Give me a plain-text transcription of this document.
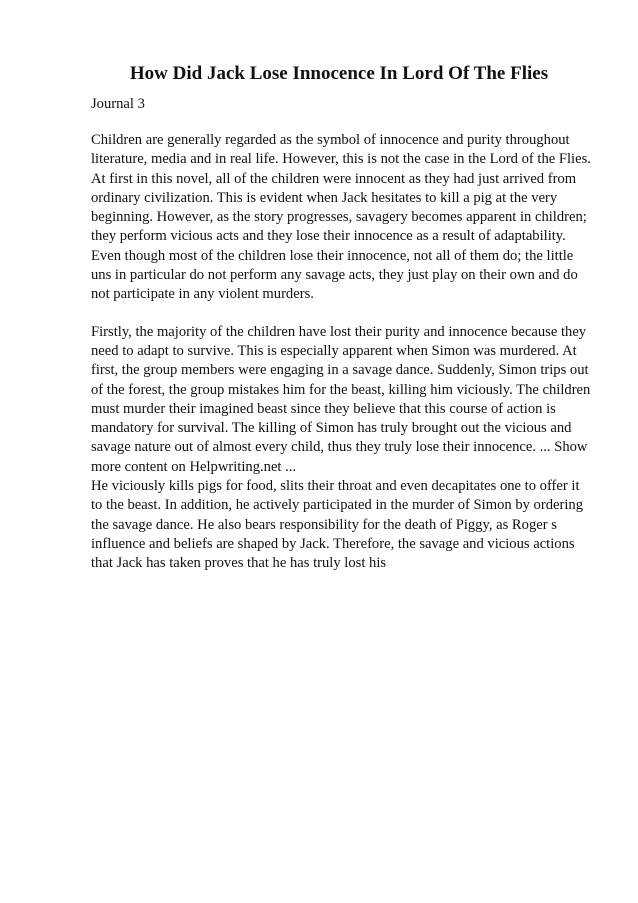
How Did Jack Lose Innocence In Lord Of The Flies

Journal 3

Children are generally regarded as the symbol of innocence and purity throughout literature, media and in real life. However, this is not the case in the Lord of the Flies. At first in this novel, all of the children were innocent as they had just arrived from ordinary civilization. This is evident when Jack hesitates to kill a pig at the very beginning. However, as the story progresses, savagery becomes apparent in children; they perform vicious acts and they lose their innocence as a result of adaptability. Even though most of the children lose their innocence, not all of them do; the little uns in particular do not perform any savage acts, they just play on their own and do not participate in any violent murders.

Firstly, the majority of the children have lost their purity and innocence because they need to adapt to survive. This is especially apparent when Simon was murdered. At first, the group members were engaging in a savage dance. Suddenly, Simon trips out of the forest, the group mistakes him for the beast, killing him viciously. The children must murder their imagined beast since they believe that this course of action is mandatory for survival. The killing of Simon has truly brought out the vicious and savage nature out of almost every child, thus they truly lose their innocence. ... Show more content on Helpwriting.net ...

He viciously kills pigs for food, slits their throat and even decapitates one to offer it to the beast. In addition, he actively participated in the murder of Simon by ordering the savage dance. He also bears responsibility for the death of Piggy, as Roger s influence and beliefs are shaped by Jack. Therefore, the savage and vicious actions that Jack has taken proves that he has truly lost his
